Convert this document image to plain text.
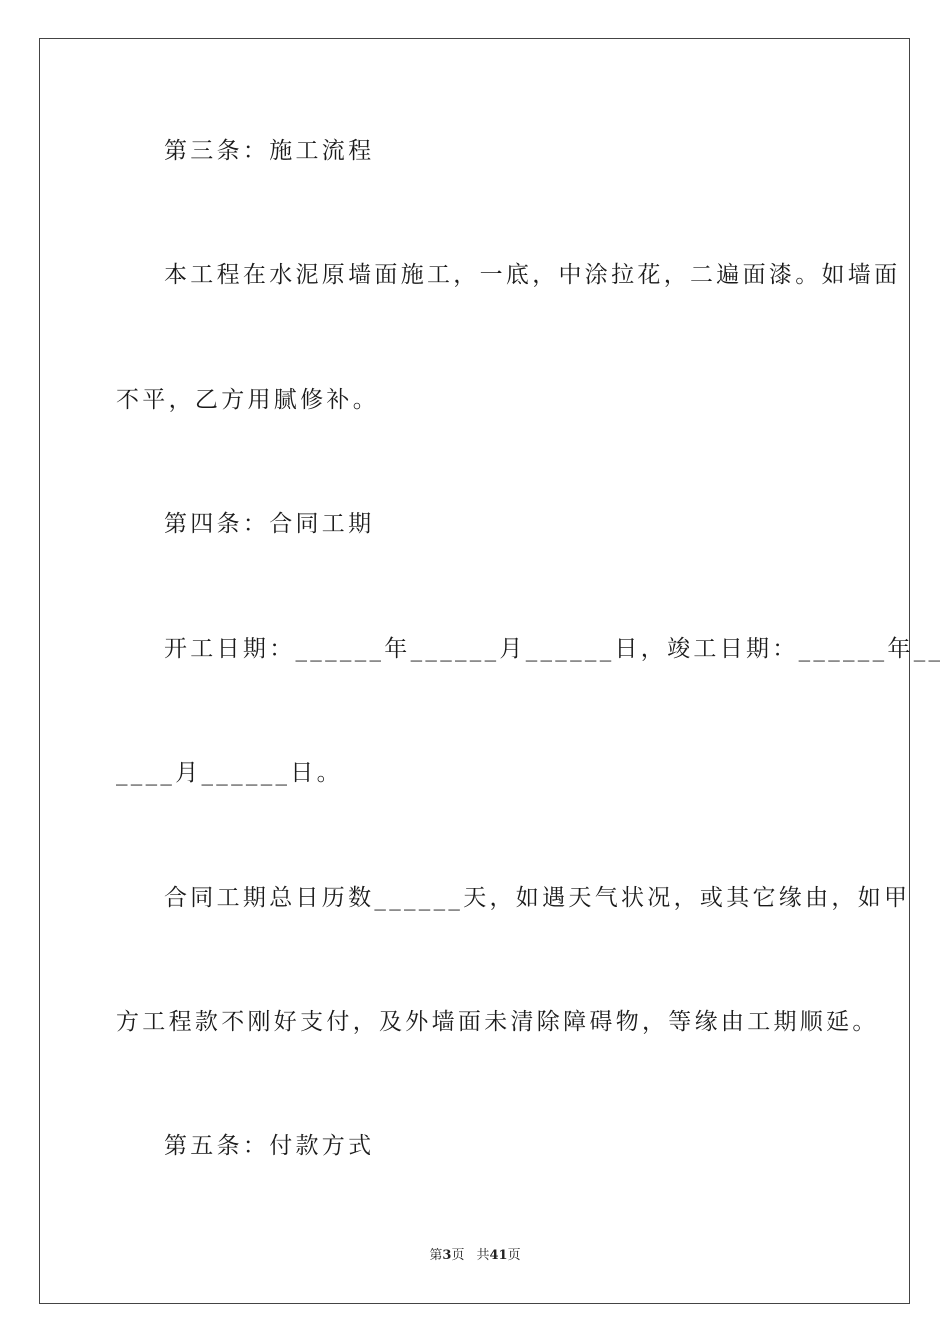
第三条：施工流程
本工程在水泥原墙面施工，一底，中涂拉花，二遍面漆。如墙面
不平，乙方用腻修补。
第四条：合同工期
开工日期：______年______月______日，竣工日期：______年__
____月______日。
合同工期总日历数______天，如遇天气状况，或其它缘由，如甲
方工程款不刚好支付，及外墙面未清除障碍物，等缘由工期顺延。
第五条：付款方式
第3页 共41页
